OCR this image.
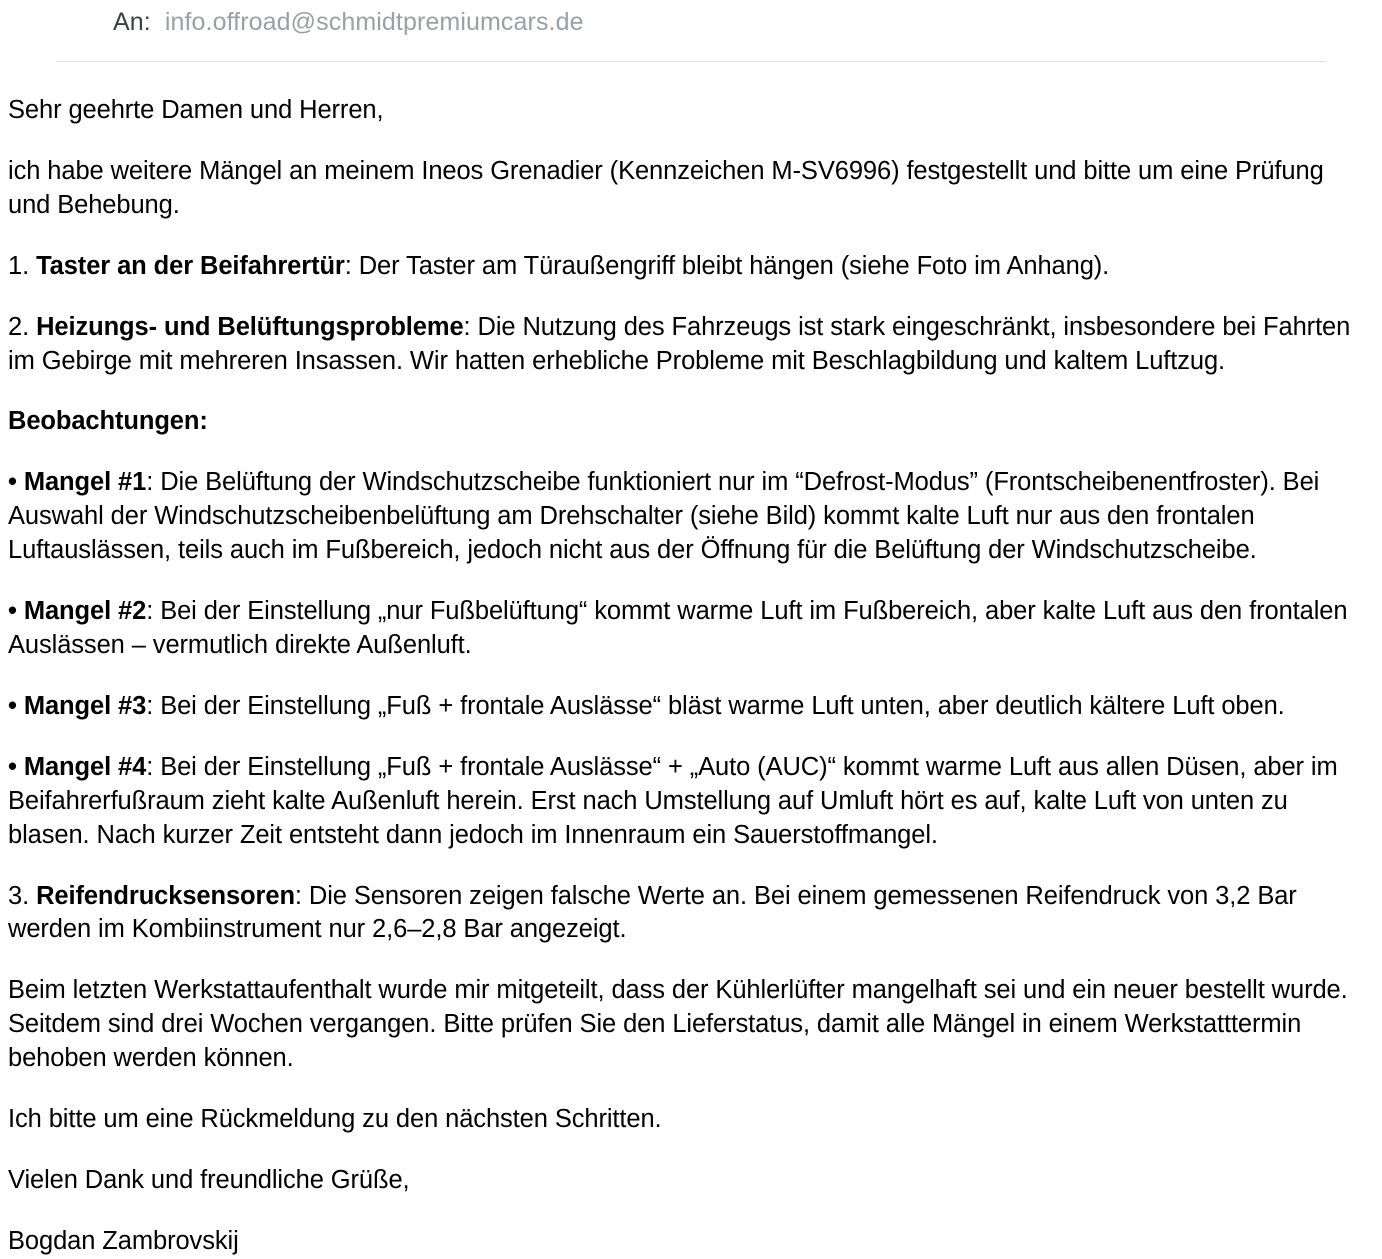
An: info.offroad@schmidtpremiumcars.de

Sehr geehrte Damen und Herren,

ich habe weitere Mängel an meinem Ineos Grenadier (Kennzeichen M-SV6996) festgestellt und bitte um eine Prüfung und Behebung.

1. Taster an der Beifahrertür: Der Taster am Türaußengriff bleibt hängen (siehe Foto im Anhang).

2. Heizungs- und Belüftungsprobleme: Die Nutzung des Fahrzeugs ist stark eingeschränkt, insbesondere bei Fahrten im Gebirge mit mehreren Insassen. Wir hatten erhebliche Probleme mit Beschlagbildung und kaltem Luftzug.

Beobachtungen:

• Mangel #1: Die Belüftung der Windschutzscheibe funktioniert nur im “Defrost-Modus” (Frontscheibenentfroster). Bei Auswahl der Windschutzscheibenbelüftung am Drehschalter (siehe Bild) kommt kalte Luft nur aus den frontalen Luftauslässen, teils auch im Fußbereich, jedoch nicht aus der Öffnung für die Belüftung der Windschutzscheibe.

• Mangel #2: Bei der Einstellung „nur Fußbelüftung“ kommt warme Luft im Fußbereich, aber kalte Luft aus den frontalen Auslässen – vermutlich direkte Außenluft.

• Mangel #3: Bei der Einstellung „Fuß + frontale Auslässe“ bläst warme Luft unten, aber deutlich kältere Luft oben.

• Mangel #4: Bei der Einstellung „Fuß + frontale Auslässe“ + „Auto (AUC)“ kommt warme Luft aus allen Düsen, aber im Beifahrerfußraum zieht kalte Außenluft herein. Erst nach Umstellung auf Umluft hört es auf, kalte Luft von unten zu blasen. Nach kurzer Zeit entsteht dann jedoch im Innenraum ein Sauerstoffmangel.

3. Reifendrucksensoren: Die Sensoren zeigen falsche Werte an. Bei einem gemessenen Reifendruck von 3,2 Bar werden im Kombiinstrument nur 2,6–2,8 Bar angezeigt.

Beim letzten Werkstattaufenthalt wurde mir mitgeteilt, dass der Kühlerlüfter mangelhaft sei und ein neuer bestellt wurde. Seitdem sind drei Wochen vergangen. Bitte prüfen Sie den Lieferstatus, damit alle Mängel in einem Werkstatttermin behoben werden können.

Ich bitte um eine Rückmeldung zu den nächsten Schritten.

Vielen Dank und freundliche Grüße,

Bogdan Zambrovskij
